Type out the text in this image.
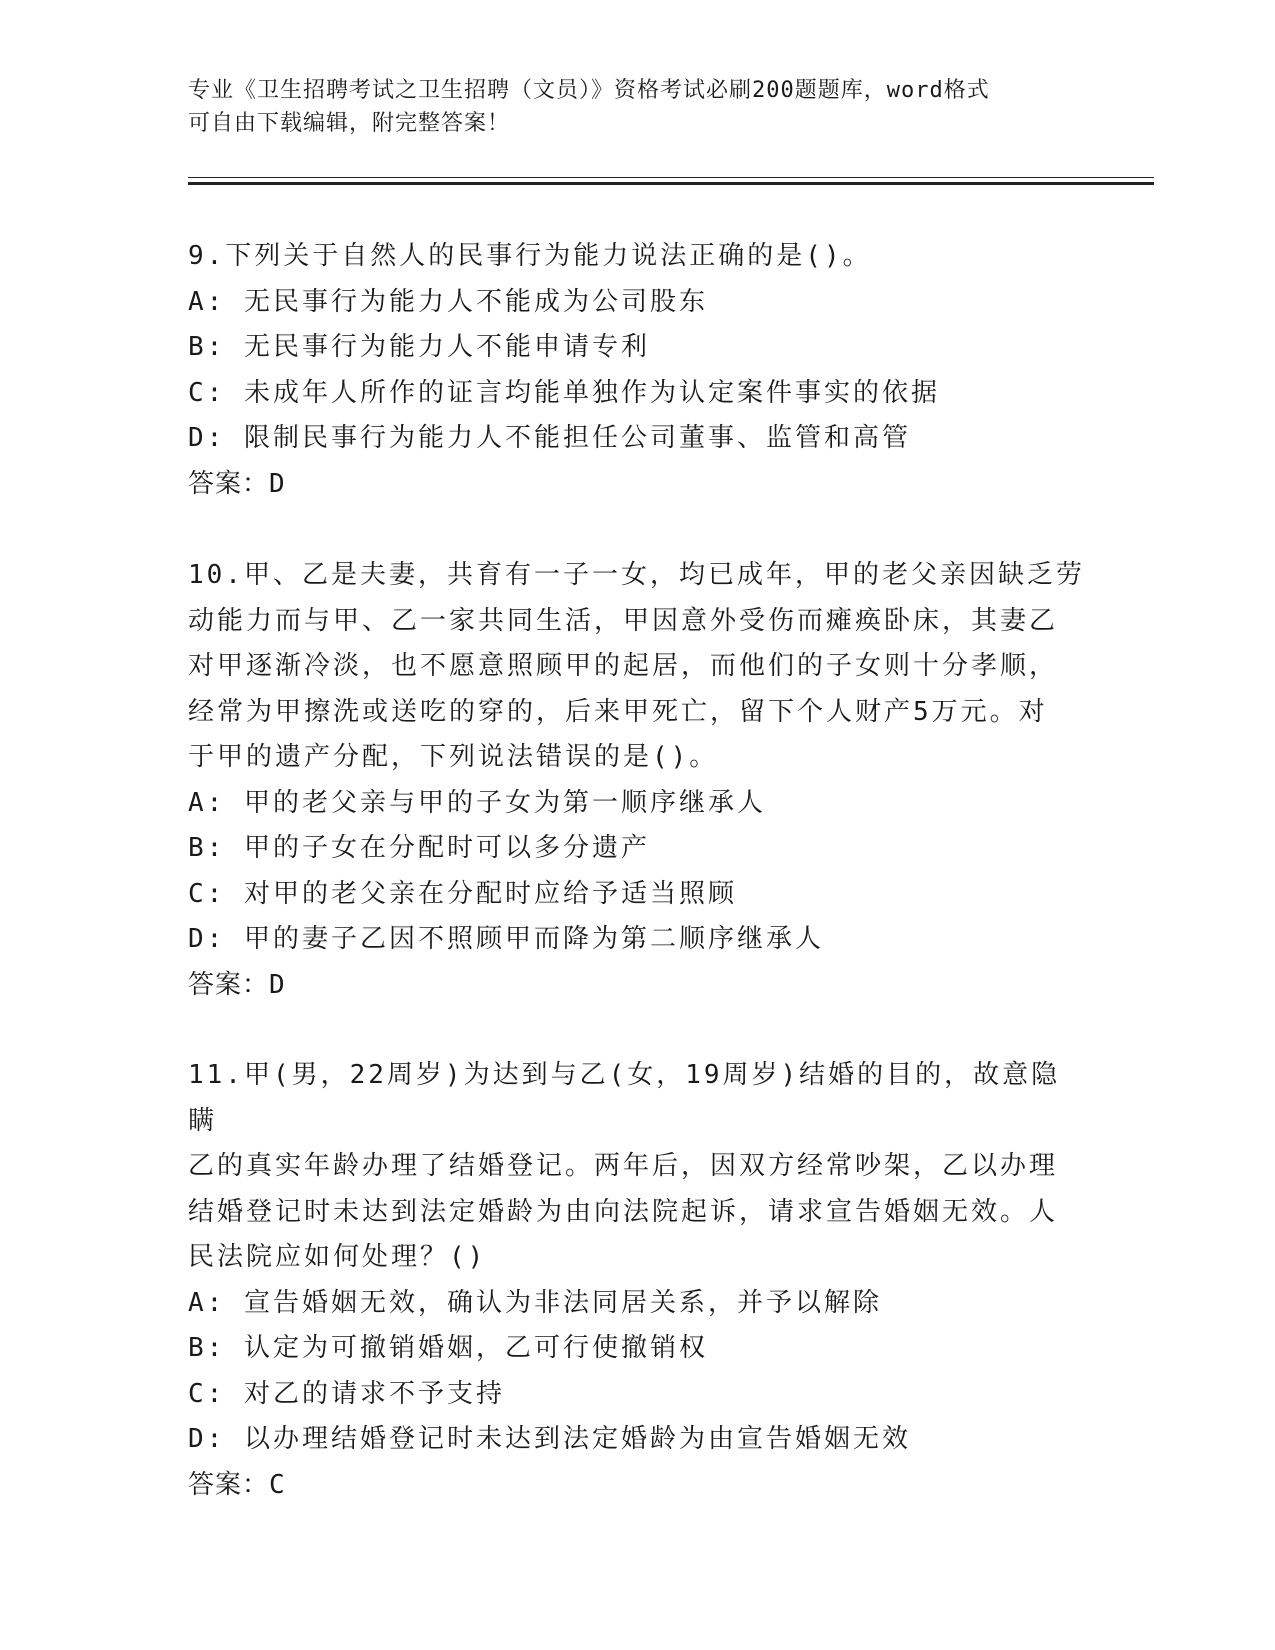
专业《卫生招聘考试之卫生招聘（文员）》资格考试必刷200题题库，word格式
可自由下载编辑，附完整答案！

9.下列关于自然人的民事行为能力说法正确的是()。

A: 无民事行为能力人不能成为公司股东

B: 无民事行为能力人不能申请专利

C: 未成年人所作的证言均能单独作为认定案件事实的依据

D: 限制民事行为能力人不能担任公司董事、监管和高管

答案：D

10.甲、乙是夫妻，共育有一子一女，均已成年，甲的老父亲因缺乏劳

动能力而与甲、乙一家共同生活，甲因意外受伤而瘫痪卧床，其妻乙

对甲逐渐冷淡，也不愿意照顾甲的起居，而他们的子女则十分孝顺，

经常为甲擦洗或送吃的穿的，后来甲死亡，留下个人财产5万元。对

于甲的遗产分配，下列说法错误的是()。

A: 甲的老父亲与甲的子女为第一顺序继承人

B: 甲的子女在分配时可以多分遗产

C: 对甲的老父亲在分配时应给予适当照顾

D: 甲的妻子乙因不照顾甲而降为第二顺序继承人

答案：D

11.甲(男，22周岁)为达到与乙(女，19周岁)结婚的目的，故意隐瞒

乙的真实年龄办理了结婚登记。两年后，因双方经常吵架，乙以办理

结婚登记时未达到法定婚龄为由向法院起诉，请求宣告婚姻无效。人

民法院应如何处理？()

A: 宣告婚姻无效，确认为非法同居关系，并予以解除

B: 认定为可撤销婚姻，乙可行使撤销权

C: 对乙的请求不予支持

D: 以办理结婚登记时未达到法定婚龄为由宣告婚姻无效

答案：C
